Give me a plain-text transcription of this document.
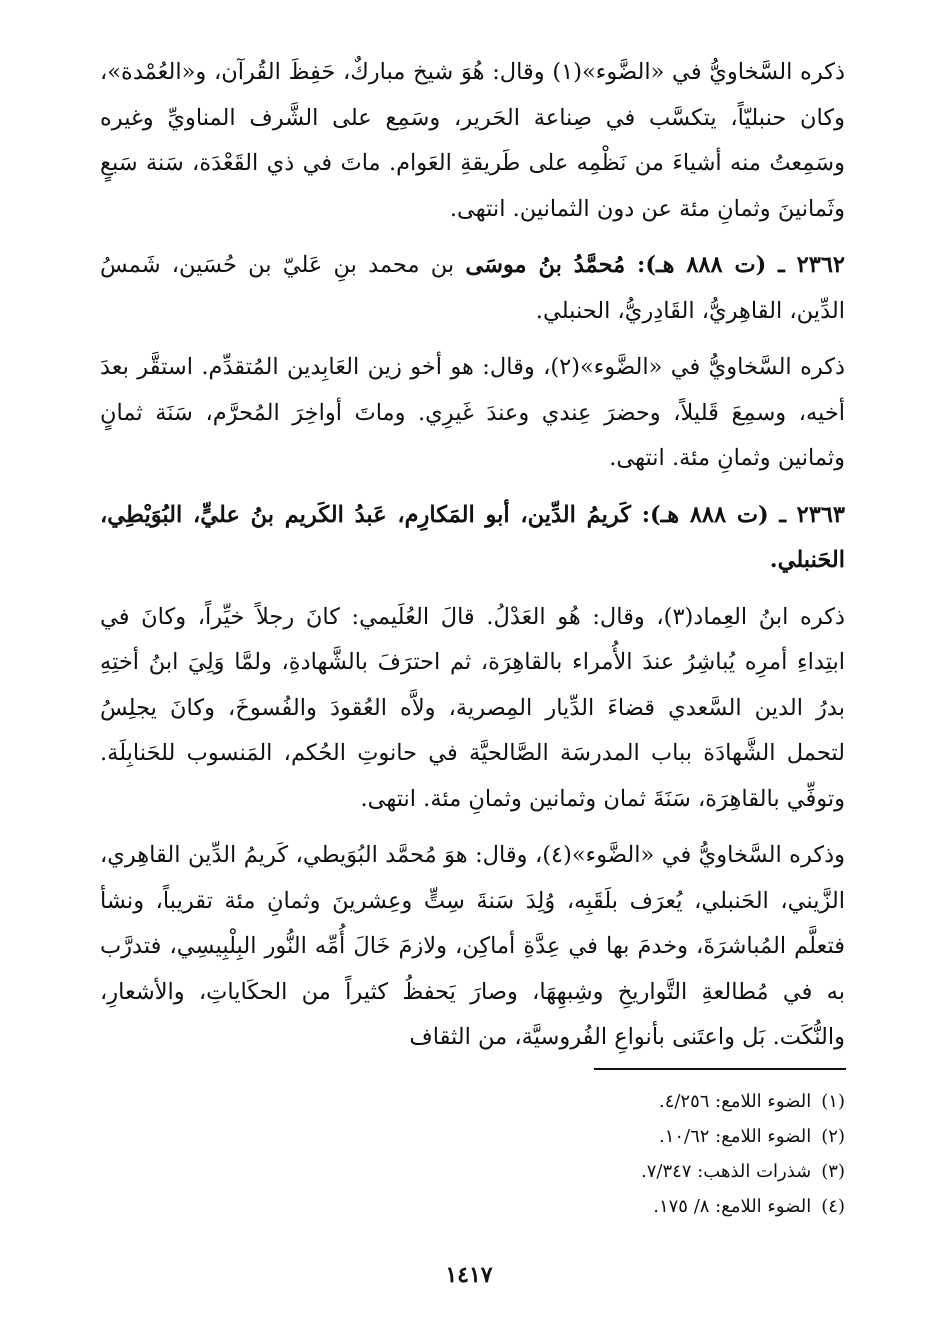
ذكره السَّخاويُّ في «الضَّوء»(١) وقال: هُوَ شيخ مباركٌ، حَفِظَ القُرآن، و«العُمْدة»، وكان حنبليّاً، يتكسَّب في صِناعة الحَرير، وسَمِع على الشَّرف المناويِّ وغيره وسَمِعتُ منه أشياءَ من نَظْمِه على طَريقةِ العَوام. ماتَ في ذي القَعْدَة، سَنة سَبعٍ وثَمانينَ وثمانِ مئة عن دون الثمانين. انتهى.

٢٣٦٢ ـ (ت ٨٨٨ هـ): مُحمَّدُ بنُ موسَى بن محمد بنِ عَليّ بن حُسَين، شَمسُ الدِّين، القاهِريُّ، القَادِريُّ، الحنبلي.

ذكره السَّخاويُّ في «الضَّوء»(٢)، وقال: هو أخو زين العَابِدين المُتقدِّم. استقَّر بعدَ أخيه، وسمِعَ قَليلاً، وحضرَ عِندي وعندَ غَيرِي. وماتَ أواخِرَ المُحرَّم، سَنَة ثمانٍ وثمانين وثمانِ مئة. انتهى.

٢٣٦٣ ـ (ت ٨٨٨ هـ): كَريمُ الدِّين، أبو المَكارِم، عَبدُ الكَريم بنُ عليٍّ، البُوَيْطِي، الحَنبلي.

ذكره ابنُ العِماد(٣)، وقال: هُو العَدْلُ. قالَ العُلَيمي: كانَ رجلاً خيِّراً، وكانَ في ابتِداءِ أمرِه يُباشِرُ عندَ الأُمراء بالقاهِرَة، ثم احترَفَ بالشَّهادةِ، ولمَّا وَلِيَ ابنُ أختِهِ بدرُ الدين السَّعدي قضاءَ الدِّيار المِصرية، ولاَّه العُقودَ والفُسوخَ، وكانَ يجلِسُ لتحمل الشَّهادَة بباب المدرسَة الصَّالحيَّة في حانوتِ الحُكم، المَنسوب للحَنابِلَة. وتوفِّي بالقاهِرَة، سَنَةَ ثمان وثمانين وثمانِ مئة. انتهى.

وذكره السَّخاويُّ في «الضَّوء»(٤)، وقال: هوَ مُحمَّد البُوَيطي، كَريمُ الدِّين القاهِري، الزَّيني، الحَنبلي، يُعرَف بلَقَبِه، وُلِدَ سَنةَ سِتٍّ وعِشرينَ وثمانِ مئة تقريباً، ونشأ فتعلَّم المُباشرَةَ، وخدمَ بها في عِدَّةِ أماكِن، ولازمَ خَالَ أُمِّه النُّور البِلْبِيسِي، فتدرَّب به في مُطالعةِ التَّواريخِ وشِبهِهَا، وصارَ يَحفظُ كثيراً من الحكَاياتِ، والأشعارِ، والنُّكَت. بَل واعتَنى بأنواعِ الفُروسيَّة، من الثقاف

(١)الضوء اللامع: ٤/٢٥٦.
(٢)الضوء اللامع: ١٠/٦٢.
(٣)شذرات الذهب: ٧/٣٤٧.
(٤)الضوء اللامع: ٨/ ١٧٥.
١٤١٧
